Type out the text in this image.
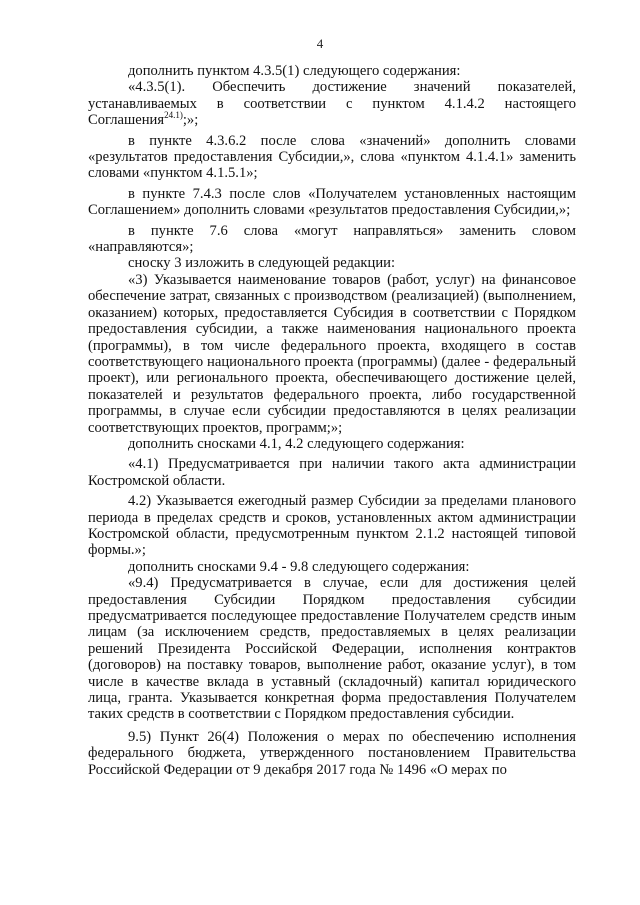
4

дополнить пунктом 4.3.5(1) следующего содержания:

«4.3.5(1). Обеспечить достижение значений показателей, устанавливаемых в соответствии с пунктом 4.1.4.2 настоящего Соглашения$^{24.1)}$;»;

в пункте 4.3.6.2 после слова «значений» дополнить словами «результатов предоставления Субсидии,», слова «пунктом 4.1.4.1» заменить словами «пунктом 4.1.5.1»;

в пункте 7.4.3 после слов «Получателем установленных настоящим Соглашением» дополнить словами «результатов предоставления Субсидии,»;

в пункте 7.6 слова «могут направляться» заменить словом «направляются»;

сноску 3 изложить в следующей редакции:

«3) Указывается наименование товаров (работ, услуг) на финансовое обеспечение затрат, связанных с производством (реализацией) (выполнением, оказанием) которых, предоставляется Субсидия в соответствии с Порядком предоставления субсидии, а также наименования национального проекта (программы), в том числе федерального проекта, входящего в состав соответствующего национального проекта (программы) (далее - федеральный проект), или регионального проекта, обеспечивающего достижение целей, показателей и результатов федерального проекта, либо государственной программы, в случае если субсидии предоставляются в целях реализации соответствующих проектов, программ;»;

дополнить сносками 4.1, 4.2 следующего содержания:

«4.1) Предусматривается при наличии такого акта администрации Костромской области.

4.2) Указывается ежегодный размер Субсидии за пределами планового периода в пределах средств и сроков, установленных актом администрации Костромской области, предусмотренным пунктом 2.1.2 настоящей типовой формы.»;

дополнить сносками 9.4 - 9.8 следующего содержания:

«9.4) Предусматривается в случае, если для достижения целей предоставления Субсидии Порядком предоставления субсидии предусматривается последующее предоставление Получателем средств иным лицам (за исключением средств, предоставляемых в целях реализации решений Президента Российской Федерации, исполнения контрактов (договоров) на поставку товаров, выполнение работ, оказание услуг), в том числе в качестве вклада в уставный (складочный) капитал юридического лица, гранта. Указывается конкретная форма предоставления Получателем таких средств в соответствии с Порядком предоставления субсидии.

9.5) Пункт 26(4) Положения о мерах по обеспечению исполнения федерального бюджета, утвержденного постановлением Правительства Российской Федерации от 9 декабря 2017 года № 1496 «О мерах по
